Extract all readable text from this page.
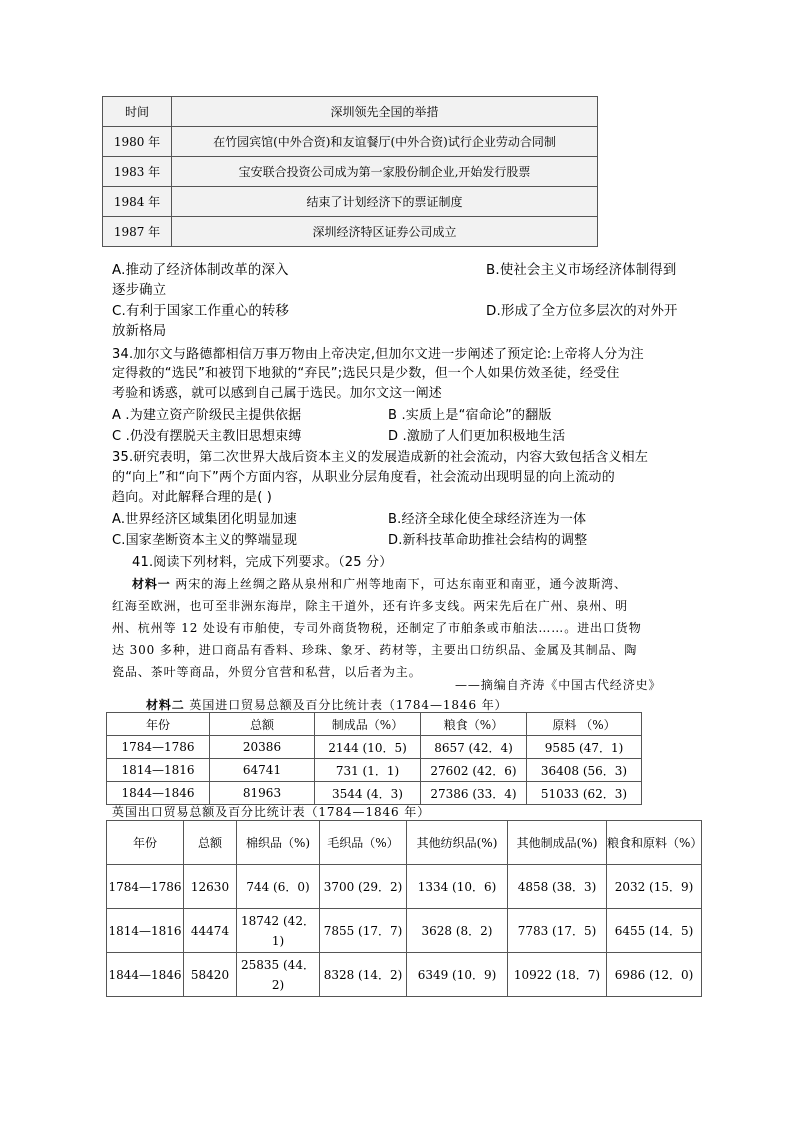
时间	深圳领先全国的举措
1980 年	在竹园宾馆(中外合资)和友谊餐厅(中外合资)试行企业劳动合同制
1983 年	宝安联合投资公司成为第一家股份制企业,开始发行股票
1984 年	结束了计划经济下的票证制度
1987 年	深圳经济特区证券公司成立
A.推动了经济体制改革的深入	B.使社会主义市场经济体制得到
逐步确立
C.有利于国家工作重心的转移	D.形成了全方位多层次的对外开
放新格局
34.加尔文与路德都相信万事万物由上帝决定,但加尔文进一步阐述了预定论:上帝将人分为注
定得救的“选民”和被罚下地狱的“弃民”;选民只是少数，但一个人如果仿效圣徒，经受住
考验和诱惑，就可以感到自己属于选民。加尔文这一阐述
A .为建立资产阶级民主提供依据	B .实质上是“宿命论”的翻版
C .仍没有摆脱天主教旧思想束缚	D .激励了人们更加积极地生活
35.研究表明，第二次世界大战后资本主义的发展造成新的社会流动，内容大致包括含义相左
的“向上”和“向下”两个方面内容，从职业分层角度看，社会流动出现明显的向上流动的
趋向。对此解释合理的是( )
A.世界经济区域集团化明显加速	B.经济全球化使全球经济连为一体
C.国家垄断资本主义的弊端显现	D.新科技革命助推社会结构的调整
41.阅读下列材料，完成下列要求。（25 分）
材料一 两宋的海上丝绸之路从泉州和广州等地南下，可达东南亚和南亚，通今波斯湾、
红海至欧洲，也可至非洲东海岸，除主干道外，还有许多支线。两宋先后在广州、泉州、明
州、杭州等 12 处设有市舶使，专司外商货物税，还制定了市舶条或市舶法……。进出口货物
达 300 多种，进口商品有香料、珍珠、象牙、药材等，主要出口纺织品、金属及其制品、陶
瓷品、茶叶等商品，外贸分官营和私营，以后者为主。
——摘编自齐涛《中国古代经济史》
材料二 英国进口贸易总额及百分比统计表（1784—1846 年）
年份	总额	制成品（%）	粮食（%）	原料 （%）
1784—1786	20386	2144 (10．5)	8657 (42．4)	9585 (47．1)
1814—1816	64741	731 (1．1)	27602 (42．6)	36408 (56．3)
1844—1846	81963	3544 (4．3)	27386 (33．4)	51033 (62．3)
英国出口贸易总额及百分比统计表（1784—1846 年）
年份	总额	棉织品（%)	毛织品（%）	其他纺织品(%)	其他制成品(%)	粮食和原料（%）
1784—1786	12630	744 (6．0)	3700 (29．2)	1334 (10．6)	4858 (38．3)	2032 (15．9)
1814—1816	44474	18742 (42．1)	7855 (17．7)	3628 (8．2)	7783 (17．5)	6455 (14．5)
1844—1846	58420	25835 (44．2)	8328 (14．2)	6349 (10．9)	10922 (18．7)	6986 (12．0)
